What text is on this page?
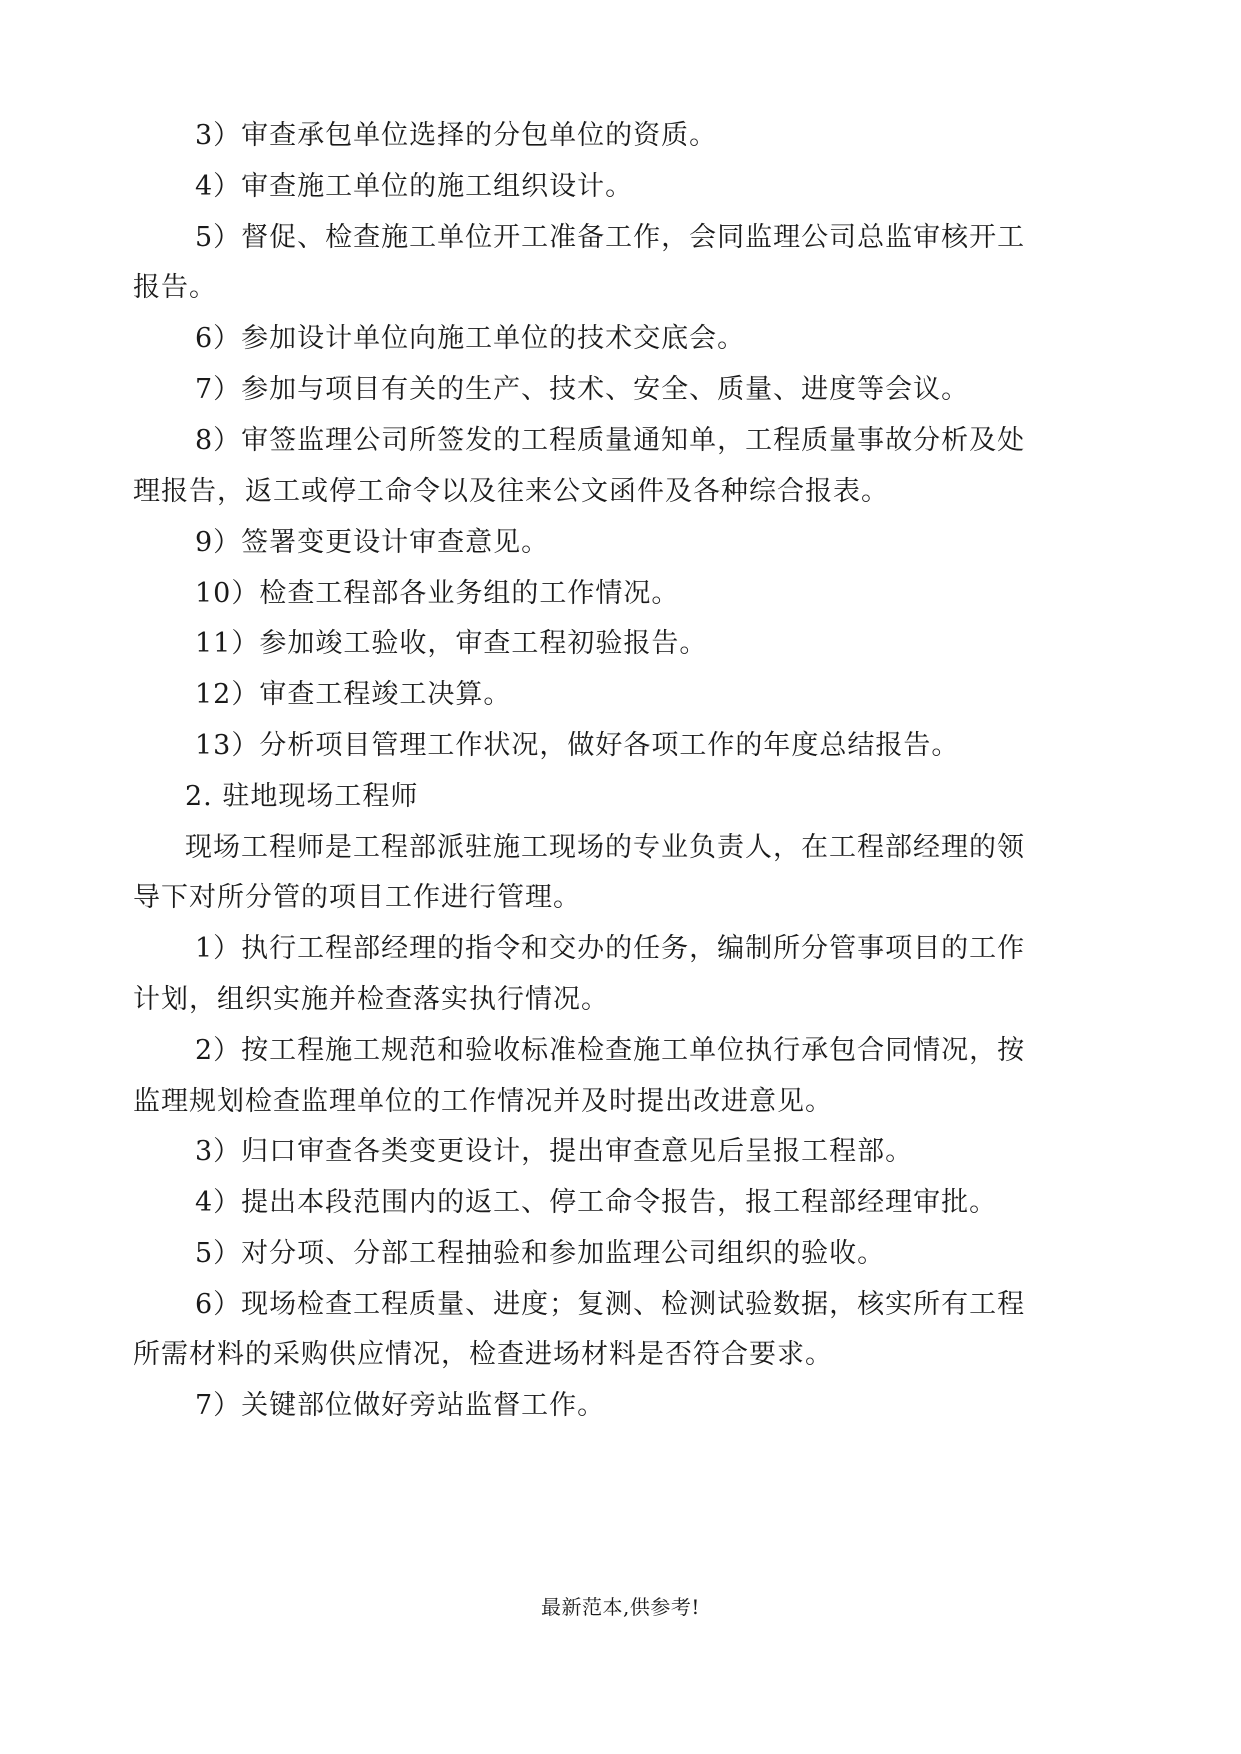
3）审查承包单位选择的分包单位的资质。
4）审查施工单位的施工组织设计。
5）督促、检查施工单位开工准备工作，会同监理公司总监审核开工
报告。
6）参加设计单位向施工单位的技术交底会。
7）参加与项目有关的生产、技术、安全、质量、进度等会议。
8）审签监理公司所签发的工程质量通知单，工程质量事故分析及处
理报告，返工或停工命令以及往来公文函件及各种综合报表。
9）签署变更设计审查意见。
10）检查工程部各业务组的工作情况。
11）参加竣工验收，审查工程初验报告。
12）审查工程竣工决算。
13）分析项目管理工作状况，做好各项工作的年度总结报告。
2. 驻地现场工程师
现场工程师是工程部派驻施工现场的专业负责人，在工程部经理的领
导下对所分管的项目工作进行管理。
1）执行工程部经理的指令和交办的任务，编制所分管事项目的工作
计划，组织实施并检查落实执行情况。
2）按工程施工规范和验收标准检查施工单位执行承包合同情况，按
监理规划检查监理单位的工作情况并及时提出改进意见。
3）归口审查各类变更设计，提出审查意见后呈报工程部。
4）提出本段范围内的返工、停工命令报告，报工程部经理审批。
5）对分项、分部工程抽验和参加监理公司组织的验收。
6）现场检查工程质量、进度；复测、检测试验数据，核实所有工程
所需材料的采购供应情况，检查进场材料是否符合要求。
7）关键部位做好旁站监督工作。
最新范本,供参考!
